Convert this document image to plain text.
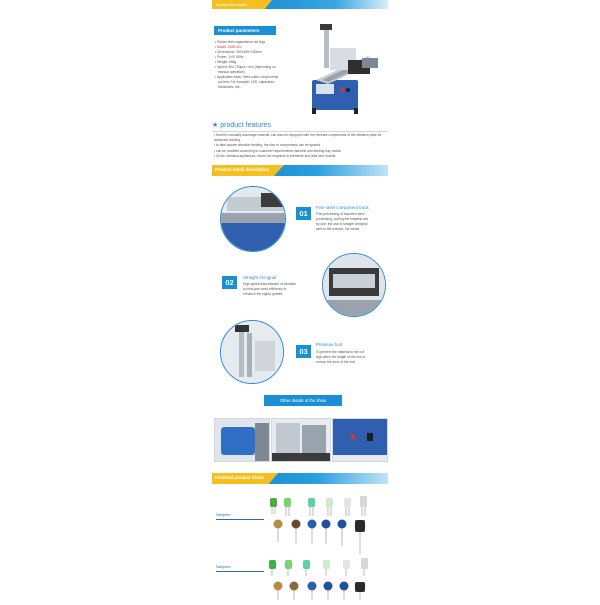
Equipment model
Product parameters
• Router feed capacitance cut legs
• Model: SMD-001
• Dimensions: 390×450×150mm
• Power: 1/4V 50Hz
• Weight: 68kg
• Speed: 500-750pcs / min (depending on
manual operation)
• Application back / feed cutter components
cut feet: For example: LED, capacitors,
transistors, etc...
★ product features
• feed for manually discharge material, can also be equipped with the relevant components of the vibration plate for automatic feeding.
• to take square vibration feeding, the size of components can be spaced.
• can be modified according to customer requirements machine and feeding tray molds.
• Cross: identical appliances, return not response to elements and lead wire boards.
Product detail description
01
Fine steel component track
Fine processing of imported steel
processing, sorting the material one
by one, the use of straight chrognal
sent to the incision, the whole
02
Straight chrognal
High speed transmission of vibration
so that your work efficiency to
enhance the higher grades.
03
Pressure foot
To prevent the material in the cut
legs when the length of the foot to
reduce the error of the foot
Other details of the show
Finished product Show
Samples:
Samples:
